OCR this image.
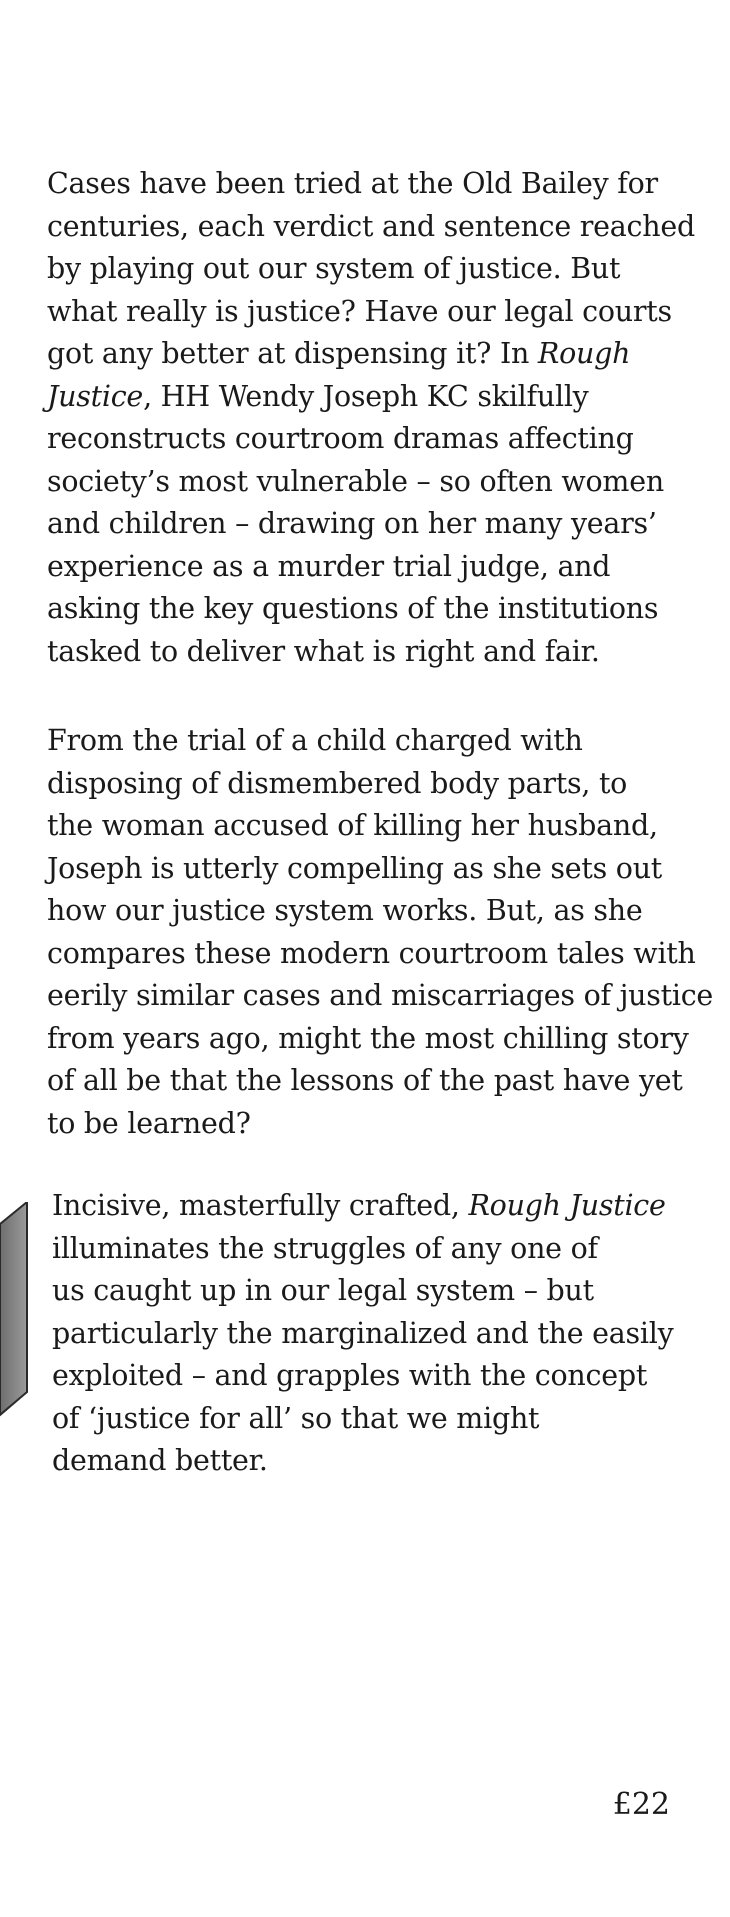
Cases have been tried at the Old Bailey for
centuries, each verdict and sentence reached
by playing out our system of justice. But
what really is justice? Have our legal courts
got any better at dispensing it? In Rough
Justice, HH Wendy Joseph KC skilfully
reconstructs courtroom dramas affecting
society’s most vulnerable – so often women
and children – drawing on her many years’
experience as a murder trial judge, and
asking the key questions of the institutions
tasked to deliver what is right and fair.

From the trial of a child charged with
disposing of dismembered body parts, to
the woman accused of killing her husband,
Joseph is utterly compelling as she sets out
how our justice system works. But, as she
compares these modern courtroom tales with
eerily similar cases and miscarriages of justice
from years ago, might the most chilling story
of all be that the lessons of the past have yet
to be learned?

Incisive, masterfully crafted, Rough Justice
illuminates the struggles of any one of
us caught up in our legal system – but
particularly the marginalized and the easily
exploited – and grapples with the concept
of ‘justice for all’ so that we might
demand better.

£22
